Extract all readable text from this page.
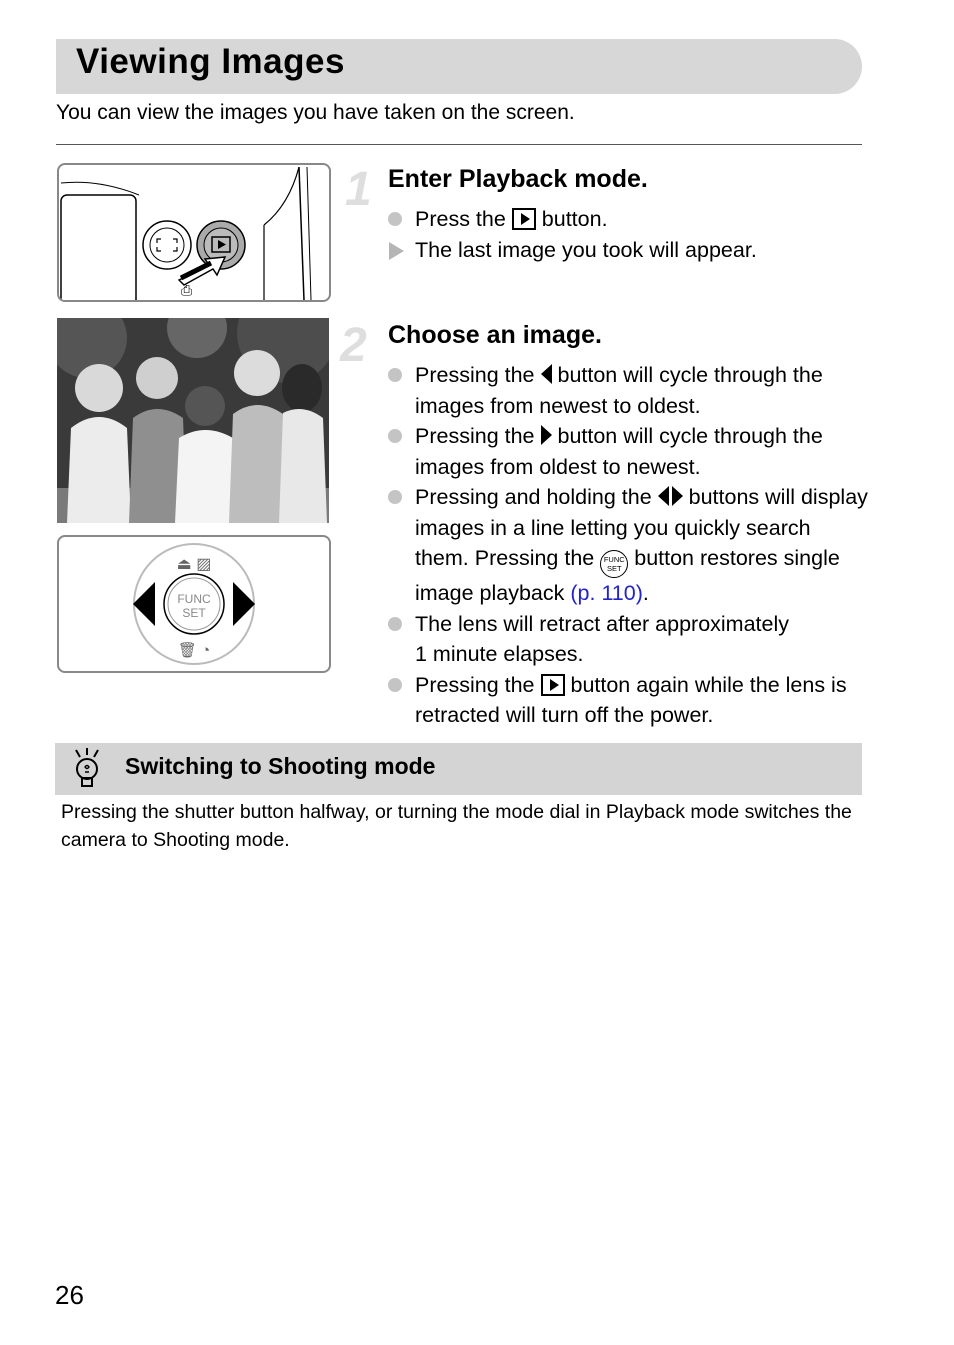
Viewing Images
You can view the images you have taken on the screen.
⎙
FUNC
SET
⏏ ▨
🗑 ◔
1 Enter Playback mode.
Press the button.
The last image you took will appear.
2 Choose an image.
Pressing the button will cycle through the images from newest to oldest.
Pressing the button will cycle through the images from oldest to newest.
Pressing and holding the buttons will display images in a line letting you quickly search them. Pressing the FUNC
SET button restores single image playback (p. 110).
The lens will retract after approximately
1 minute elapses.
Pressing the button again while the lens is retracted will turn off the power.
Switching to Shooting mode
Pressing the shutter button halfway, or turning the mode dial in Playback mode switches the camera to Shooting mode.
26
